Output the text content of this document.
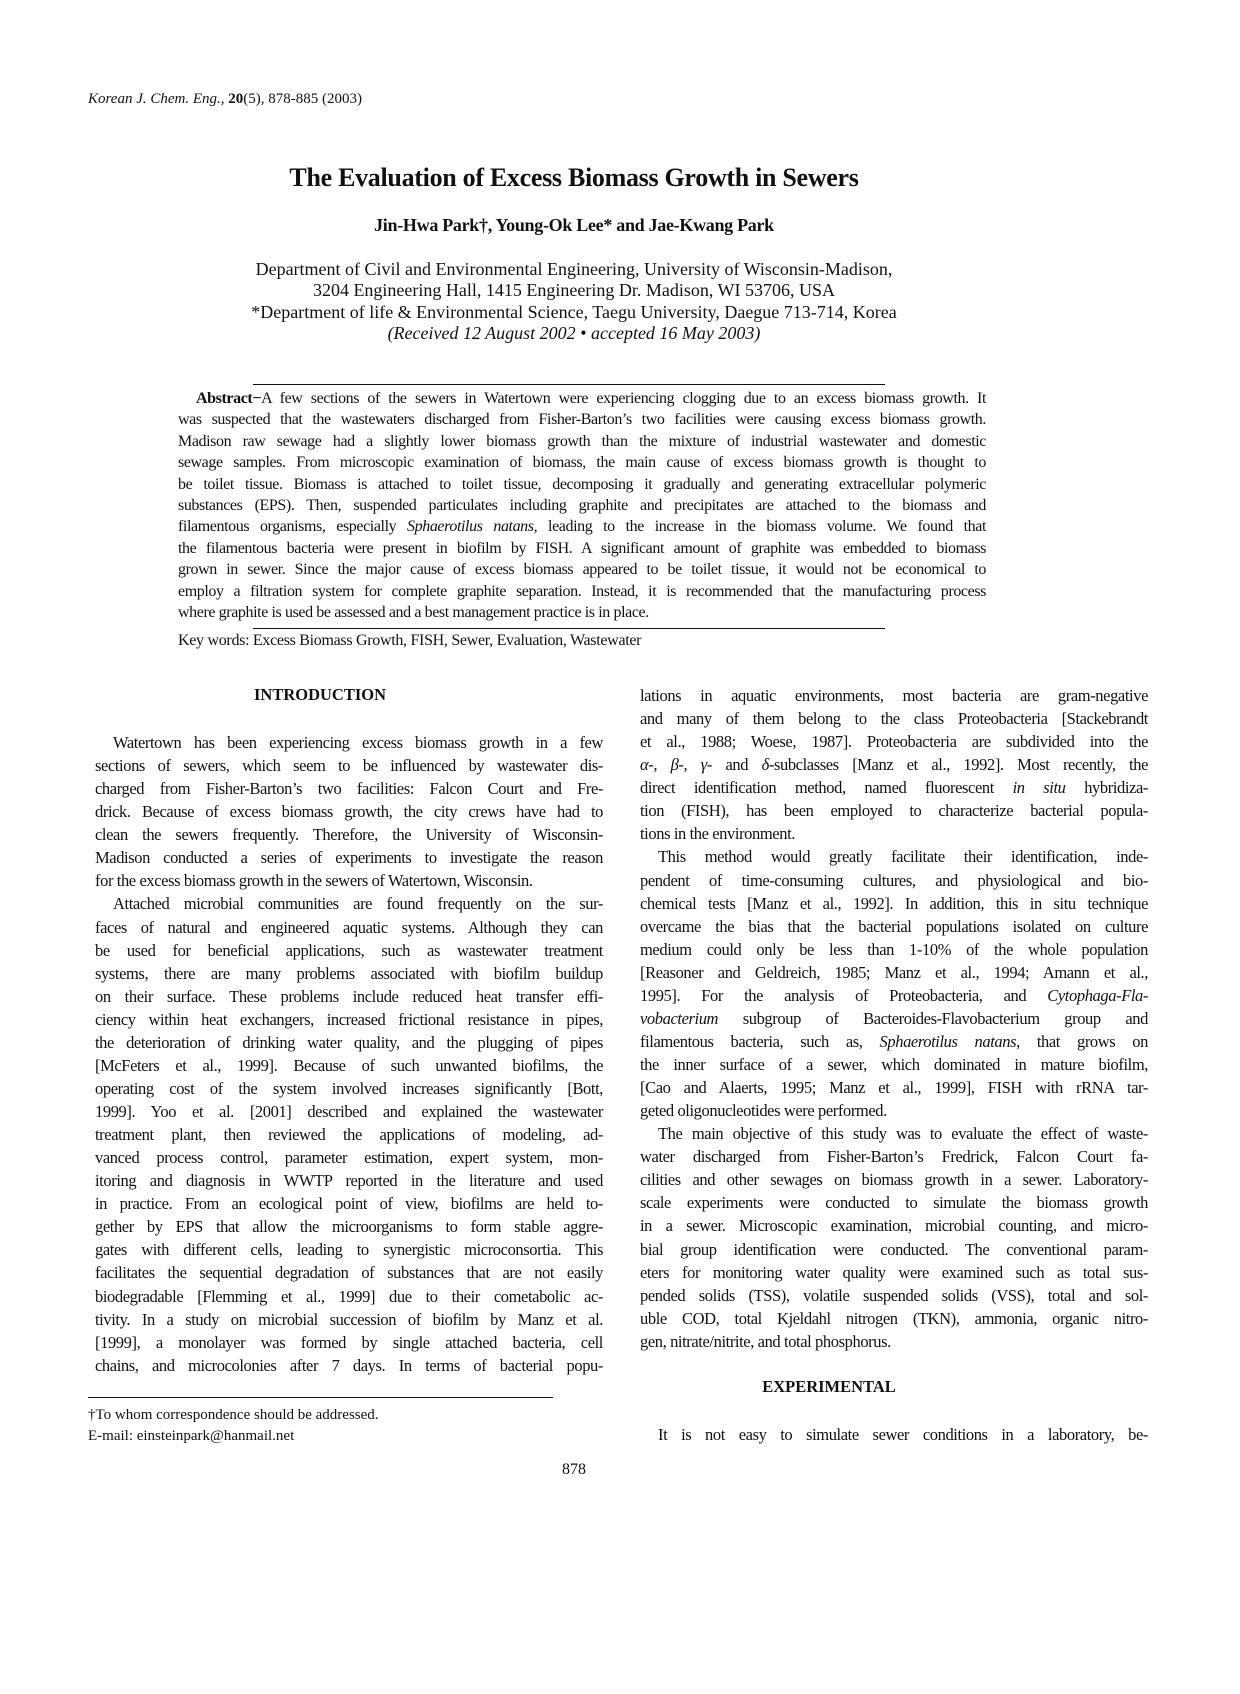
Korean J. Chem. Eng., 20(5), 878-885 (2003)
The Evaluation of Excess Biomass Growth in Sewers
Jin-Hwa Park†, Young-Ok Lee* and Jae-Kwang Park
Department of Civil and Environmental Engineering, University of Wisconsin-Madison,
3204 Engineering Hall, 1415 Engineering Dr. Madison, WI 53706, USA
*Department of life & Environmental Science, Taegu University, Daegue 713-714, Korea
(Received 12 August 2002 • accepted 16 May 2003)
Abstract−A few sections of the sewers in Watertown were experiencing clogging due to an excess biomass growth. It
was suspected that the wastewaters discharged from Fisher-Barton’s two facilities were causing excess biomass growth.
Madison raw sewage had a slightly lower biomass growth than the mixture of industrial wastewater and domestic
sewage samples. From microscopic examination of biomass, the main cause of excess biomass growth is thought to
be toilet tissue. Biomass is attached to toilet tissue, decomposing it gradually and generating extracellular polymeric
substances (EPS). Then, suspended particulates including graphite and precipitates are attached to the biomass and
filamentous organisms, especially Sphaerotilus natans, leading to the increase in the biomass volume. We found that
the filamentous bacteria were present in biofilm by FISH. A significant amount of graphite was embedded to biomass
grown in sewer. Since the major cause of excess biomass appeared to be toilet tissue, it would not be economical to
employ a filtration system for complete graphite separation. Instead, it is recommended that the manufacturing process
where graphite is used be assessed and a best management practice is in place.
Key words: Excess Biomass Growth, FISH, Sewer, Evaluation, Wastewater
INTRODUCTION
Watertown has been experiencing excess biomass growth in a few
sections of sewers, which seem to be influenced by wastewater dis-
charged from Fisher-Barton’s two facilities: Falcon Court and Fre-
drick. Because of excess biomass growth, the city crews have had to
clean the sewers frequently. Therefore, the University of Wisconsin-
Madison conducted a series of experiments to investigate the reason
for the excess biomass growth in the sewers of Watertown, Wisconsin.
Attached microbial communities are found frequently on the sur-
faces of natural and engineered aquatic systems. Although they can
be used for beneficial applications, such as wastewater treatment
systems, there are many problems associated with biofilm buildup
on their surface. These problems include reduced heat transfer effi-
ciency within heat exchangers, increased frictional resistance in pipes,
the deterioration of drinking water quality, and the plugging of pipes
[McFeters et al., 1999]. Because of such unwanted biofilms, the
operating cost of the system involved increases significantly [Bott,
1999]. Yoo et al. [2001] described and explained the wastewater
treatment plant, then reviewed the applications of modeling, ad-
vanced process control, parameter estimation, expert system, mon-
itoring and diagnosis in WWTP reported in the literature and used
in practice. From an ecological point of view, biofilms are held to-
gether by EPS that allow the microorganisms to form stable aggre-
gates with different cells, leading to synergistic microconsortia. This
facilitates the sequential degradation of substances that are not easily
biodegradable [Flemming et al., 1999] due to their cometabolic ac-
tivity. In a study on microbial succession of biofilm by Manz et al.
[1999], a monolayer was formed by single attached bacteria, cell
chains, and microcolonies after 7 days. In terms of bacterial popu-
lations in aquatic environments, most bacteria are gram-negative
and many of them belong to the class Proteobacteria [Stackebrandt
et al., 1988; Woese, 1987]. Proteobacteria are subdivided into the
α-, β-, γ- and δ-subclasses [Manz et al., 1992]. Most recently, the
direct identification method, named fluorescent in situ hybridiza-
tion (FISH), has been employed to characterize bacterial popula-
tions in the environment.
This method would greatly facilitate their identification, inde-
pendent of time-consuming cultures, and physiological and bio-
chemical tests [Manz et al., 1992]. In addition, this in situ technique
overcame the bias that the bacterial populations isolated on culture
medium could only be less than 1-10% of the whole population
[Reasoner and Geldreich, 1985; Manz et al., 1994; Amann et al.,
1995]. For the analysis of Proteobacteria, and Cytophaga-Fla-
vobacterium subgroup of Bacteroides-Flavobacterium group and
filamentous bacteria, such as, Sphaerotilus natans, that grows on
the inner surface of a sewer, which dominated in mature biofilm,
[Cao and Alaerts, 1995; Manz et al., 1999], FISH with rRNA tar-
geted oligonucleotides were performed.
The main objective of this study was to evaluate the effect of waste-
water discharged from Fisher-Barton’s Fredrick, Falcon Court fa-
cilities and other sewages on biomass growth in a sewer. Laboratory-
scale experiments were conducted to simulate the biomass growth
in a sewer. Microscopic examination, microbial counting, and micro-
bial group identification were conducted. The conventional param-
eters for monitoring water quality were examined such as total sus-
pended solids (TSS), volatile suspended solids (VSS), total and sol-
uble COD, total Kjeldahl nitrogen (TKN), ammonia, organic nitro-
gen, nitrate/nitrite, and total phosphorus.
EXPERIMENTAL
It is not easy to simulate sewer conditions in a laboratory, be-
†To whom correspondence should be addressed.
E-mail: einsteinpark@hanmail.net
878
